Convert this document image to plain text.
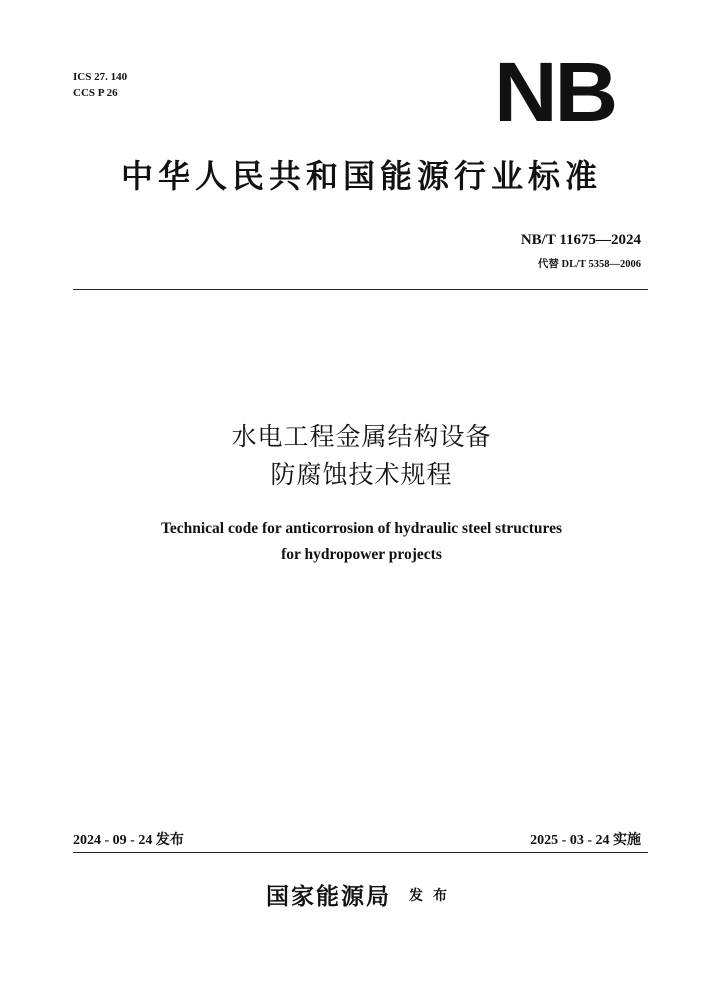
ICS 27. 140
CCS P 26	NB
中华人民共和国能源行业标准
NB/T 11675—2024
代替 DL/T 5358—2006
水电工程金属结构设备
防腐蚀技术规程
Technical code for anticorrosion of hydraulic steel structures
for hydropower projects
2024 - 09 - 24 发布	2025 - 03 - 24 实施
国家能源局 发布
